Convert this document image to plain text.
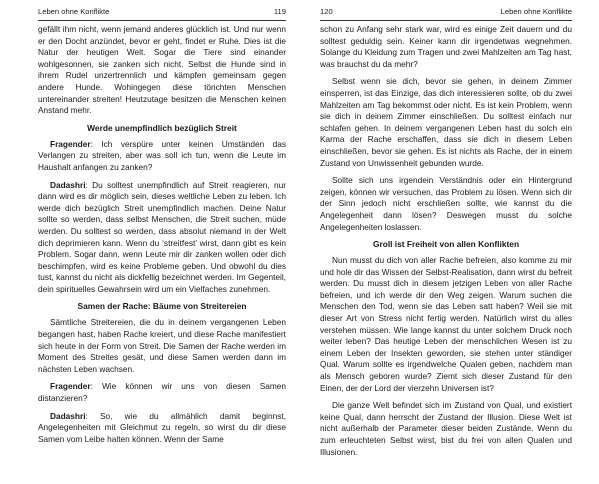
Leben ohne Konflikte	119

gefällt ihm nicht, wenn jemand anderes glücklich ist. Und nur wenn er den Docht anzündet, bevor er geht, findet er Ruhe. Dies ist die Natur der heutigen Welt. Sogar die Tiere sind einander wohlgesonnen, sie zanken sich nicht. Selbst die Hunde sind in ihrem Rudel unzertrennlich und kämpfen gemeinsam gegen andere Hunde. Wohingegen diese törichten Menschen untereinander streiten! Heutzutage besitzen die Menschen keinen Anstand mehr.

Werde unempfindlich bezüglich Streit

Fragender: Ich verspüre unter keinen Umständen das Verlangen zu streiten, aber was soll ich tun, wenn die Leute im Haushalt anfangen zu zanken?

Dadashri: Du solltest unempfindlich auf Streit reagieren, nur dann wird es dir möglich sein, dieses weltliche Leben zu leben. Ich werde dich bezüglich Streit unempfindlich machen. Deine Natur sollte so werden, dass selbst Menschen, die Streit suchen, müde werden. Du solltest so werden, dass absolut niemand in der Welt dich deprimieren kann. Wenn du ‘streitfest’ wirst, dann gibt es kein Problem. Sogar dann, wenn Leute mir dir zanken wollen oder dich beschimpfen, wird es keine Probleme geben. Und obwohl du dies tust, kannst du nicht als dickfellig bezeichnet werden. Im Gegenteil, dein spirituelles Gewahrsein wird um ein Vielfaches zunehmen.

Samen der Rache: Bäume von Streitereien

Sämtliche Streitereien, die du in deinem vergangenen Leben begangen hast, haben Rache kreiert, und diese Rache manifestiert sich heute in der Form von Streit. Die Samen der Rache werden im Moment des Streites gesät, und diese Samen werden dann im nächsten Leben wachsen.

Fragender: Wie können wir uns von diesen Samen distanzieren?

Dadashri: So, wie du allmählich damit beginnst, Angelegenheiten mit Gleichmut zu regeln, so wirst du dir diese Samen vom Leibe halten können. Wenn der Same

120	Leben ohne Konflikte

schon zu Anfang sehr stark war, wird es einige Zeit dauern und du solltest geduldig sein. Keiner kann dir irgendetwas wegnehmen. Solange du Kleidung zum Tragen und zwei Mahlzeiten am Tag hast, was brauchst du da mehr?

Selbst wenn sie dich, bevor sie gehen, in deinem Zimmer einsperren, ist das Einzige, das dich interessieren sollte, ob du zwei Mahlzeiten am Tag bekommst oder nicht. Es ist kein Problem, wenn sie dich in deinem Zimmer einschließen. Du solltest einfach nur schlafen gehen. In deinem vergangenen Leben hast du solch ein Karma der Rache erschaffen, dass sie dich in diesem Leben einschließen, bevor sie gehen. Es ist nichts als Rache, der in einem Zustand von Unwissenheit gebunden wurde.

Sollte sich uns irgendein Verständnis oder ein Hintergrund zeigen, können wir versuchen, das Problem zu lösen. Wenn sich dir der Sinn jedoch nicht erschließen sollte, wie kannst du die Angelegenheit dann lösen? Deswegen musst du solche Angelegenheiten loslassen.

Groll ist Freiheit von allen Konflikten

Nun musst du dich von aller Rache befreien, also komme zu mir und hole dir das Wissen der Selbst-Realisation, dann wirst du befreit werden. Du musst dich in diesem jetzigen Leben von aller Rache befreien, und ich werde dir den Weg zeigen. Warum suchen die Menschen den Tod, wenn sie das Leben satt haben? Weil sie mit dieser Art von Stress nicht fertig werden. Natürlich wirst du alles verstehen müssen. Wie lange kannst du unter solchem Druck noch weiter leben? Das heutige Leben der menschlichen Wesen ist zu einem Leben der Insekten geworden, sie stehen unter ständiger Qual. Warum sollte es irgendwelche Qualen geben, nachdem man als Mensch geboren wurde? Ziemt sich dieser Zustand für den Einen, der der Lord der vierzehn Universen ist?

Die ganze Welt befindet sich im Zustand von Qual, und existiert keine Qual, dann herrscht der Zustand der Illusion. Diese Welt ist nicht außerhalb der Parameter dieser beiden Zustände. Wenn du zum erleuchteten Selbst wirst, bist du frei von allen Qualen und Illusionen.
